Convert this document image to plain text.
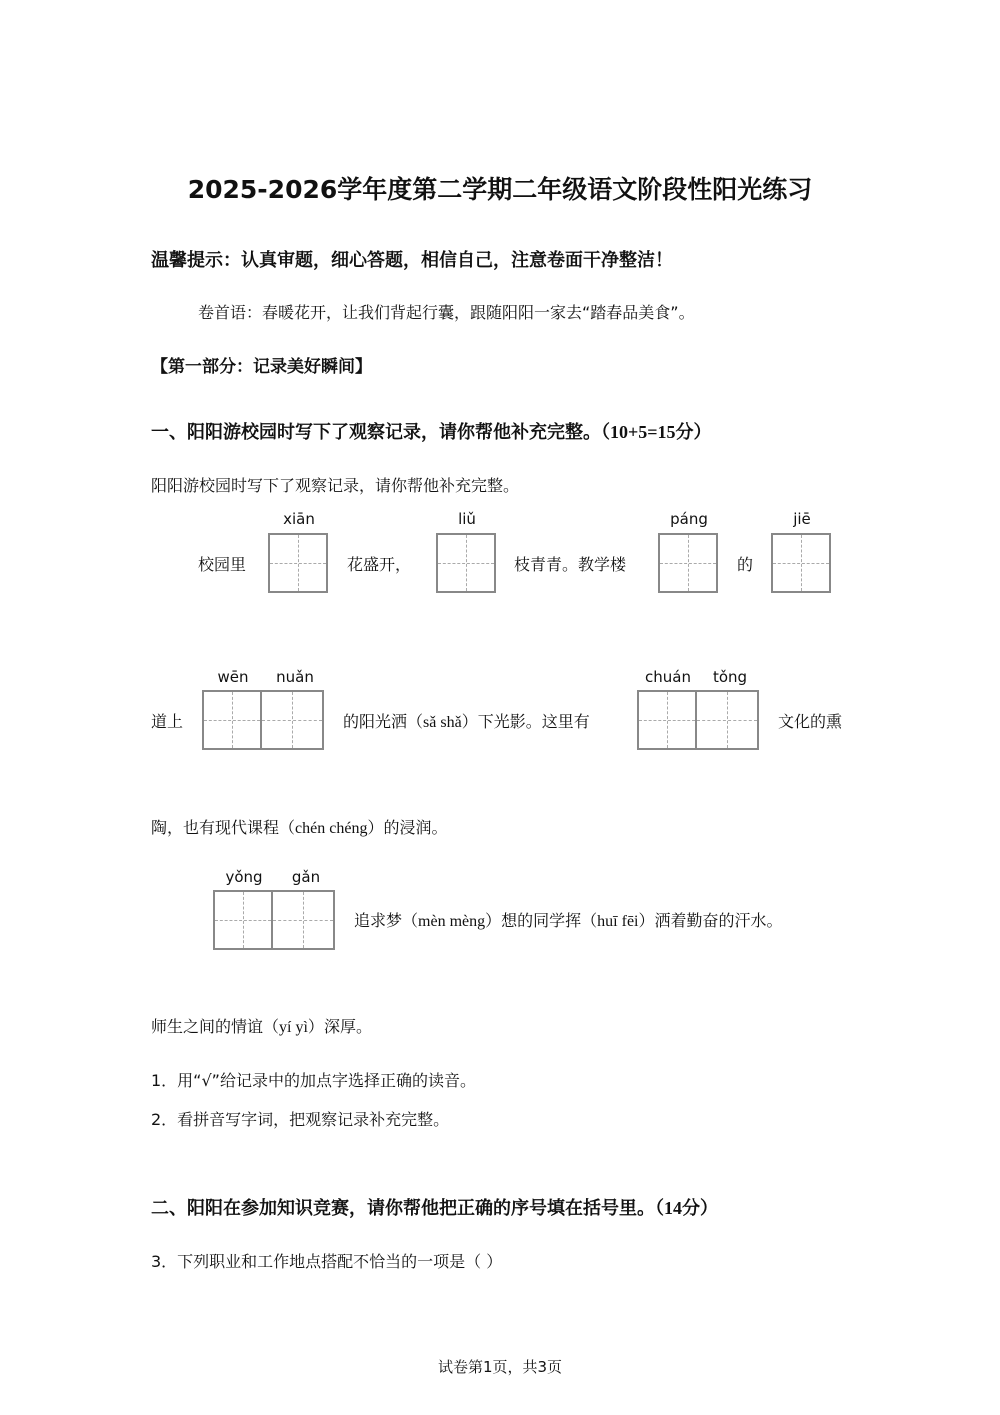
2025-2026学年度第二学期二年级语文阶段性阳光练习
温馨提示：认真审题，细心答题，相信自己，注意卷面干净整洁！
卷首语：春暖花开，让我们背起行囊，跟随阳阳一家去“踏春品美食”。
【第一部分：记录美好瞬间】
一、阳阳游校园时写下了观察记录，请你帮他补充完整。（10+5=15分）
阳阳游校园时写下了观察记录，请你帮他补充完整。
校园里
xiān
花盛开，
liǔ
枝青青。教学楼
páng
的
jiē
道上
wēn	nuǎn
的阳光洒（sǎ shǎ）下光影。这里有
chuán	tǒng
文化的熏
陶，也有现代课程（chén chéng）的浸润。
yǒng	gǎn
追求梦（mèn mèng）想的同学挥（huī fēi）洒着勤奋的汗水。
师生之间的情谊（yí yì）深厚。
1．用“√”给记录中的加点字选择正确的读音。
2．看拼音写字词，把观察记录补充完整。
二、阳阳在参加知识竞赛，请你帮他把正确的序号填在括号里。（14分）
3．下列职业和工作地点搭配不恰当的一项是（ ）
试卷第1页，共3页
